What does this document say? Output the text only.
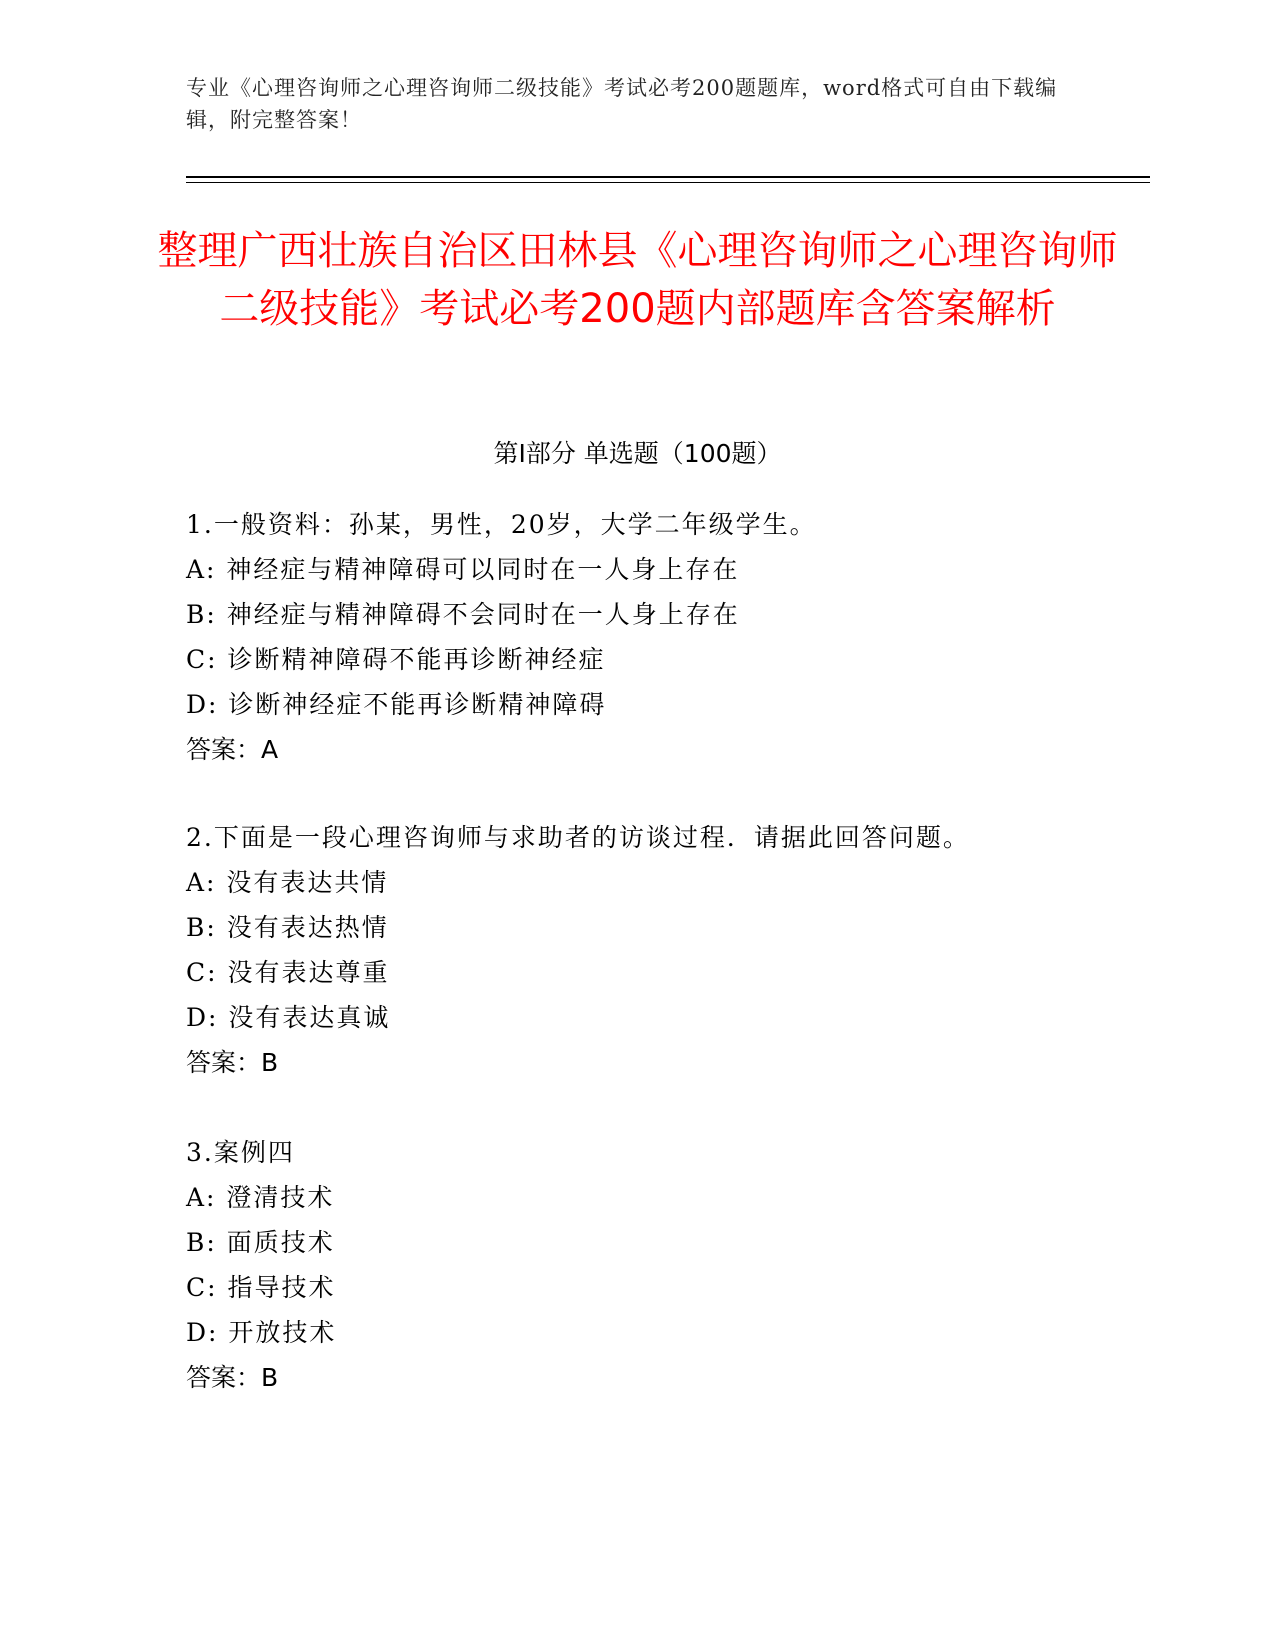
专业《心理咨询师之心理咨询师二级技能》考试必考200题题库，word格式可自由下载编辑，附完整答案！
整理广西壮族自治区田林县《心理咨询师之心理咨询师二级技能》考试必考200题内部题库含答案解析
第Ⅰ部分 单选题（100题）
1.一般资料：孙某，男性，20岁，大学二年级学生。
A: 神经症与精神障碍可以同时在一人身上存在
B: 神经症与精神障碍不会同时在一人身上存在
C: 诊断精神障碍不能再诊断神经症
D: 诊断神经症不能再诊断精神障碍
答案：A
2.下面是一段心理咨询师与求助者的访谈过程．请据此回答问题。
A: 没有表达共情
B: 没有表达热情
C: 没有表达尊重
D: 没有表达真诚
答案：B
3.案例四
A: 澄清技术
B: 面质技术
C: 指导技术
D: 开放技术
答案：B
